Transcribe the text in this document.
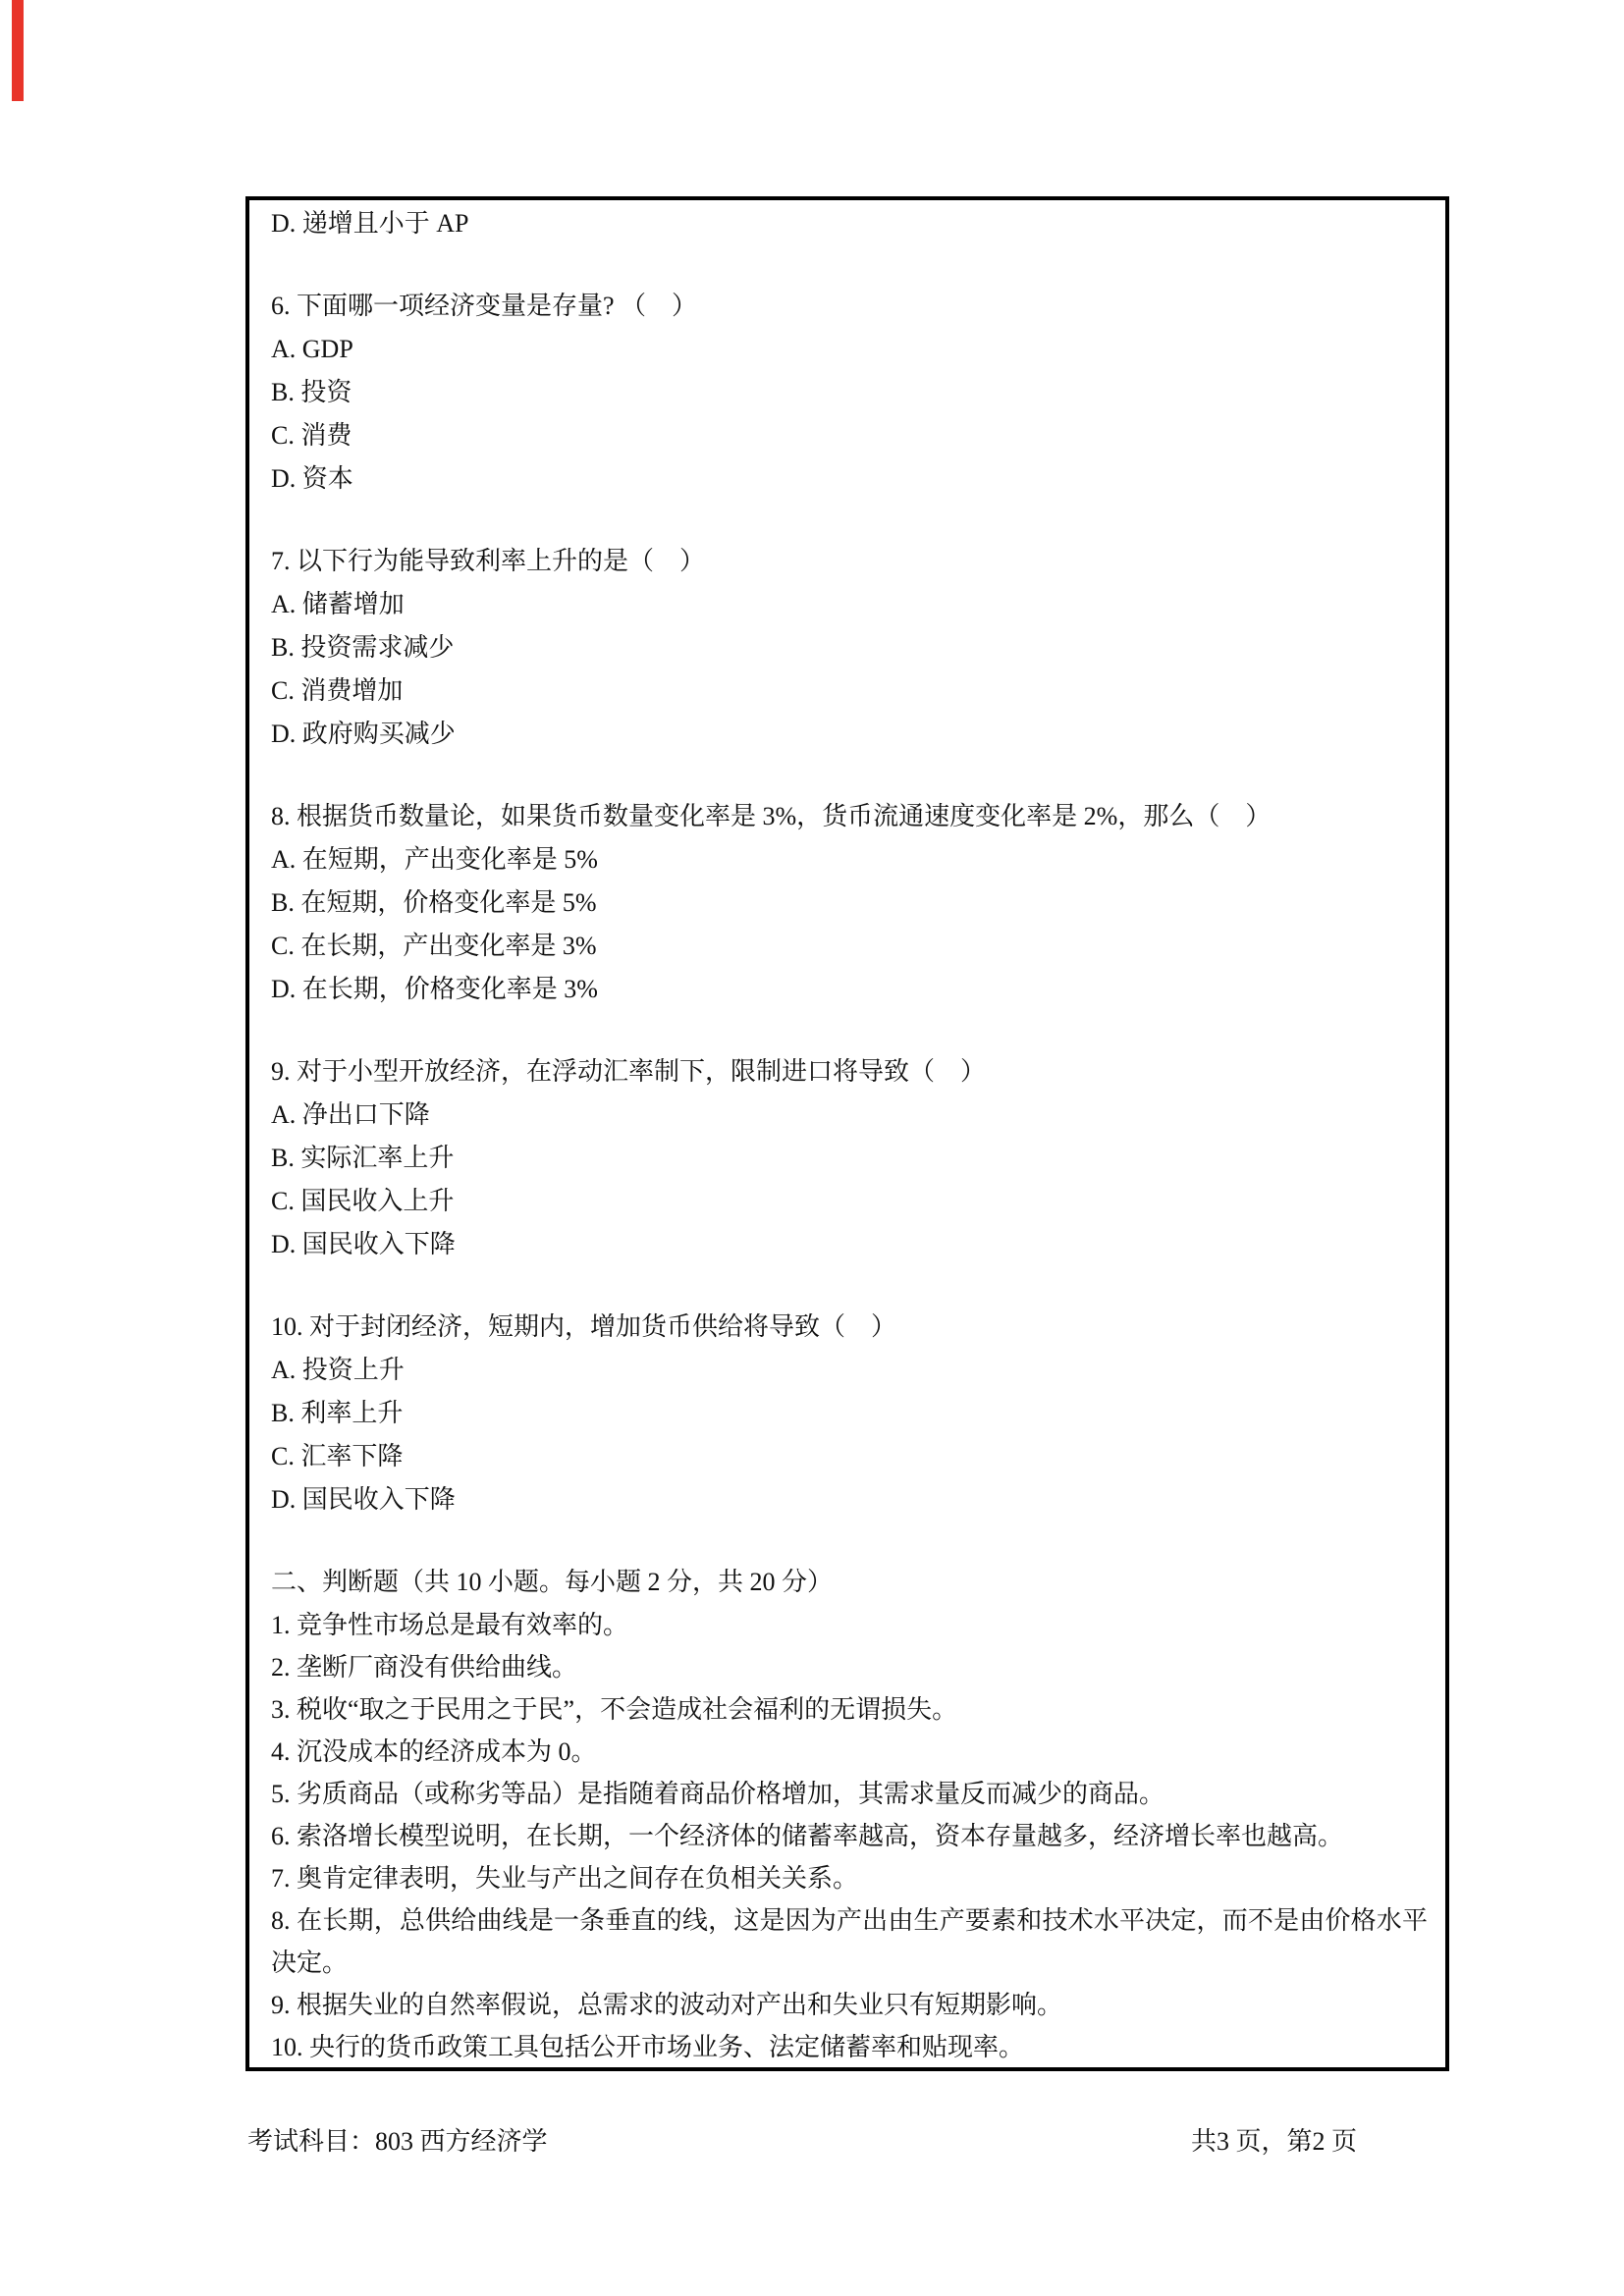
D. 递增且小于 AP
6. 下面哪一项经济变量是存量? （　）
A. GDP
B. 投资
C. 消费
D. 资本
7. 以下行为能导致利率上升的是（　）
A. 储蓄增加
B. 投资需求减少
C. 消费增加
D. 政府购买减少
8. 根据货币数量论，如果货币数量变化率是 3%，货币流通速度变化率是 2%，那么（　）
A. 在短期，产出变化率是 5%
B. 在短期，价格变化率是 5%
C. 在长期，产出变化率是 3%
D. 在长期，价格变化率是 3%
9. 对于小型开放经济，在浮动汇率制下，限制进口将导致（　）
A. 净出口下降
B. 实际汇率上升
C. 国民收入上升
D. 国民收入下降
10. 对于封闭经济，短期内，增加货币供给将导致（　）
A. 投资上升
B. 利率上升
C. 汇率下降
D. 国民收入下降
二、判断题（共 10 小题。每小题 2 分，共 20 分）
1. 竞争性市场总是最有效率的。
2. 垄断厂商没有供给曲线。
3. 税收“取之于民用之于民”，不会造成社会福利的无谓损失。
4. 沉没成本的经济成本为 0。
5. 劣质商品（或称劣等品）是指随着商品价格增加，其需求量反而减少的商品。
6. 索洛增长模型说明，在长期，一个经济体的储蓄率越高，资本存量越多，经济增长率也越高。
7. 奥肯定律表明，失业与产出之间存在负相关关系。
8. 在长期，总供给曲线是一条垂直的线，这是因为产出由生产要素和技术水平决定，而不是由价格水平决定。
9. 根据失业的自然率假说，总需求的波动对产出和失业只有短期影响。
10. 央行的货币政策工具包括公开市场业务、法定储蓄率和贴现率。
考试科目：803 西方经济学	共3 页，第2 页
